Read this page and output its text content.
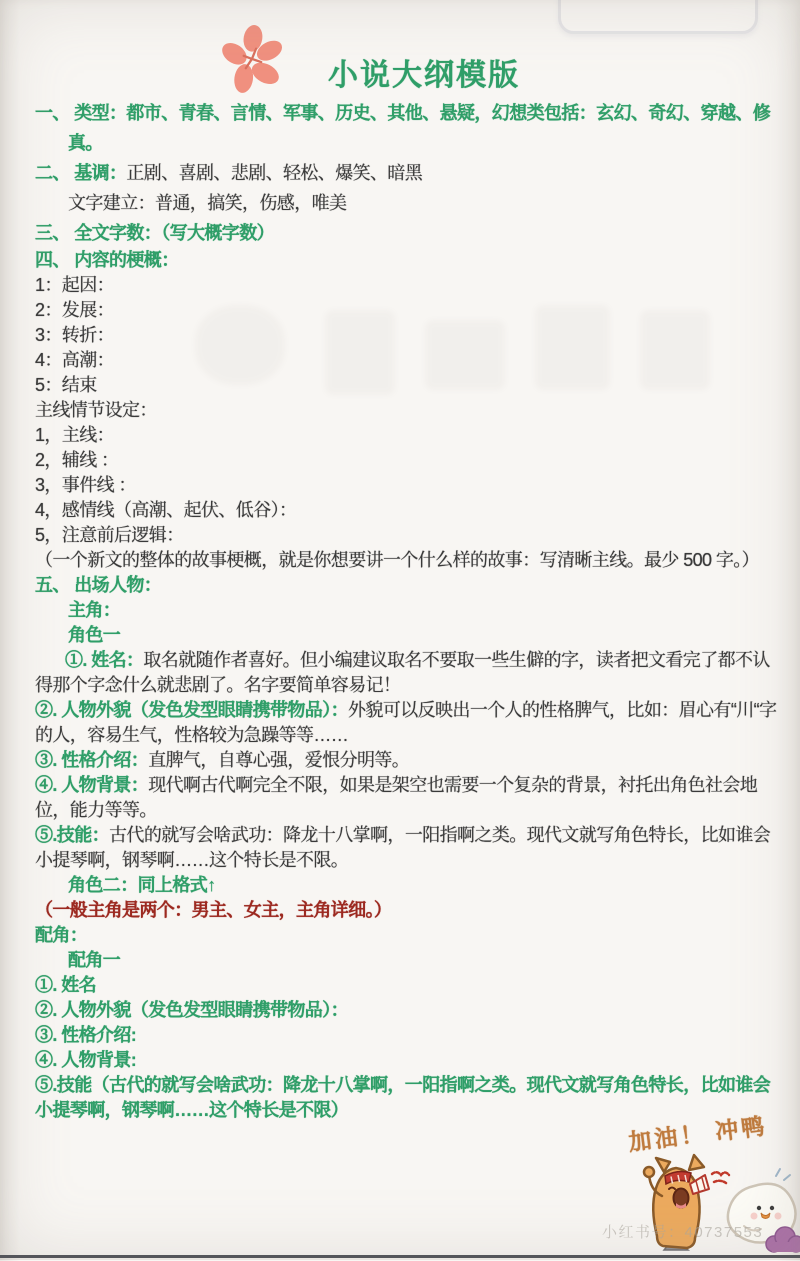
小说大纲模版

一、 类型：都市、青春、言情、军事、历史、其他、悬疑，幻想类包括：玄幻、奇幻、穿越、修真。

二、 基调：正剧、喜剧、悲剧、轻松、爆笑、暗黑

文字建立：普通，搞笑，伤感，唯美

三、 全文字数：（写大概字数）

四、 内容的梗概：

1：起因：

2：发展：

3：转折：

4：高潮：

5：结束

主线情节设定：

1，主线：

2，辅线 ：

3，事件线 ：

4，感情线（高潮、起伏、低谷）：

5，注意前后逻辑：

（一个新文的整体的故事梗概，就是你想要讲一个什么样的故事：写清晰主线。最少 500 字。）

五、 出场人物：

主角：

角色一

①. 姓名：取名就随作者喜好。但小编建议取名不要取一些生僻的字，读者把文看完了都不认得那个字念什么就悲剧了。名字要简单容易记！

②. 人物外貌（发色发型眼睛携带物品）：外貌可以反映出一个人的性格脾气，比如：眉心有“川“字的人，容易生气，性格较为急躁等等……

③. 性格介绍：直脾气，自尊心强，爱恨分明等。

④. 人物背景：现代啊古代啊完全不限，如果是架空也需要一个复杂的背景，衬托出角色社会地位，能力等等。

⑤.技能：古代的就写会啥武功：降龙十八掌啊，一阳指啊之类。现代文就写角色特长，比如谁会小提琴啊，钢琴啊……这个特长是不限。

角色二：同上格式↑

（一般主角是两个：男主、女主，主角详细。）

配角：

配角一

①. 姓名

②. 人物外貌（发色发型眼睛携带物品）：

③. 性格介绍:

④. 人物背景:

⑤.技能（古代的就写会啥武功：降龙十八掌啊，一阳指啊之类。现代文就写角色特长，比如谁会小提琴啊，钢琴啊……这个特长是不限）

加油！ 冲鸭
小红书号：40737553
